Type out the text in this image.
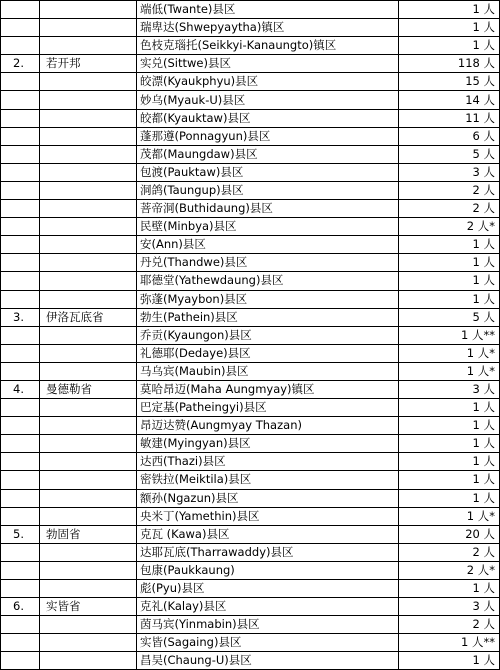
		端低(Twante)县区	1 人
		瑞卑达(Shwepyaytha)镇区	1 人
		色枝克瑙托(Seikkyi-Kanaungto)镇区	1 人
2.	若开邦	实兑(Sittwe)县区	118 人
		皎漂(Kyaukphyu)县区	15 人
		妙乌(Myauk-U)县区	14 人
		皎都(Kyauktaw)县区	11 人
		蓬那遵(Ponnagyun)县区	6 人
		茂都(Maungdaw)县区	5 人
		包渡(Pauktaw)县区	3 人
		洞鸽(Taungup)县区	2 人
		菩帝洞(Buthidaung)县区	2 人
		民壁(Minbya)县区	2 人*
		安(Ann)县区	1 人
		丹兑(Thandwe)县区	1 人
		耶德堂(Yathewdaung)县区	1 人
		弥蓬(Myaybon)县区	1 人
3.	伊洛瓦底省	勃生(Pathein)县区	5 人
		乔贡(Kyaungon)县区	1 人**
		礼德耶(Dedaye)县区	1 人*
		马乌宾(Maubin)县区	1 人*
4.	曼德勒省	莫哈昂迈(Maha Aungmyay)镇区	3 人
		巴定基(Patheingyi)县区	1 人
		昂迈达赞(Aungmyay Thazan)	1 人
		敏建(Myingyan)县区	1 人
		达西(Thazi)县区	1 人
		密铁拉(Meiktila)县区	1 人
		额孙(Ngazun)县区	1 人
		央米丁(Yamethin)县区	1 人*
5.	勃固省	克瓦 (Kawa)县区	20 人
		达耶瓦底(Tharrawaddy)县区	2 人
		包康(Paukkaung)	2 人*
		彪(Pyu)县区	1 人
6.	实皆省	克礼(Kalay)县区	3 人
		茵马宾(Yinmabin)县区	2 人
		实皆(Sagaing)县区	1 人**
		昌吴(Chaung-U)县区	1 人
